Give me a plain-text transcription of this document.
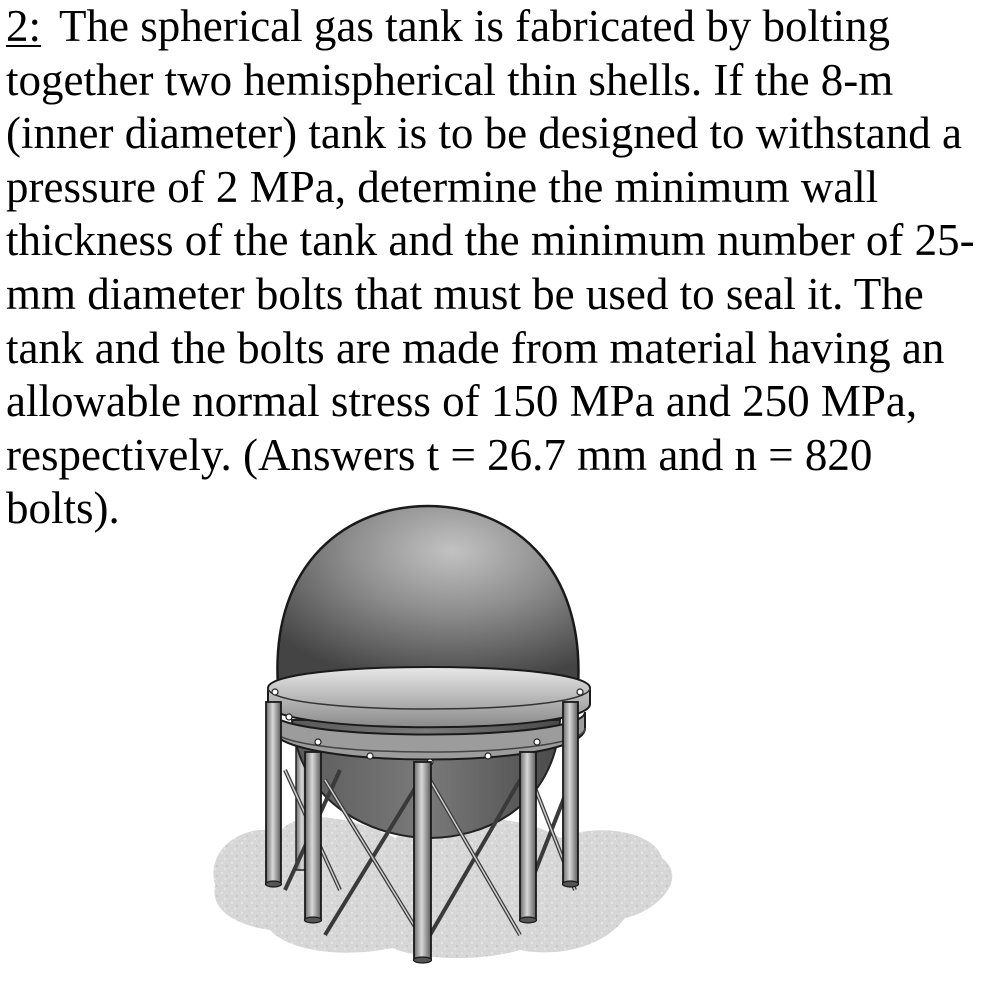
2: The spherical gas tank is fabricated by bolting together two hemispherical thin shells. If the 8-m (inner diameter) tank is to be designed to withstand a pressure of 2 MPa, determine the minimum wall thickness of the tank and the minimum number of 25-mm diameter bolts that must be used to seal it. The tank and the bolts are made from material having an allowable normal stress of 150 MPa and 250 MPa, respectively. (Answers t = 26.7 mm and n = 820 bolts).
